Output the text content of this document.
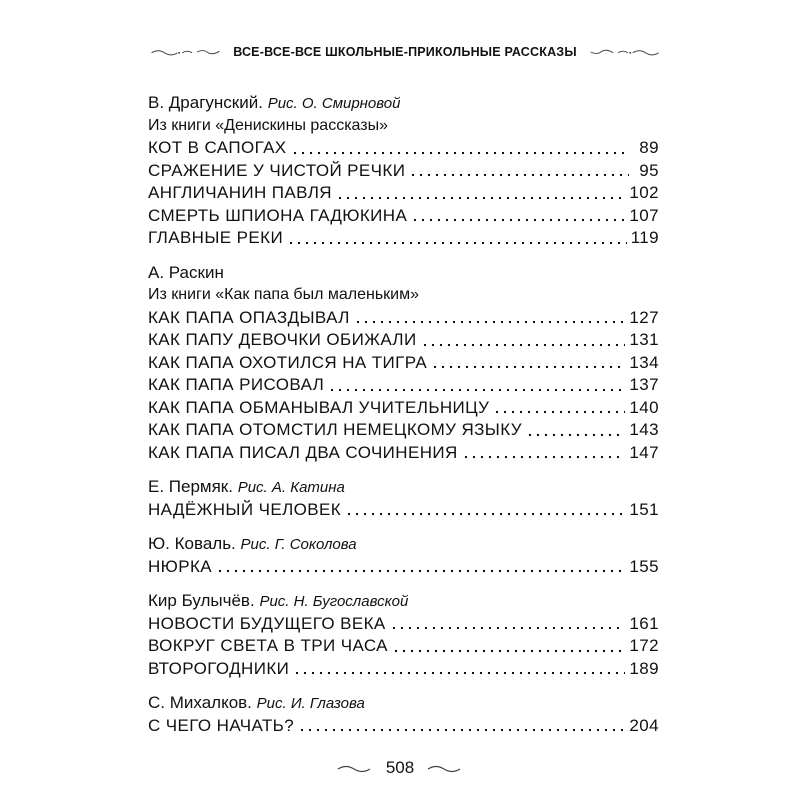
ВСЕ-ВСЕ-ВСЕ ШКОЛЬНЫЕ-ПРИКОЛЬНЫЕ РАССКАЗЫ
В. Драгунский. Рис. О. Смирновой
Из книги «Денискины рассказы»
КОТ В САПОГАХ	89
СРАЖЕНИЕ У ЧИСТОЙ РЕЧКИ	95
АНГЛИЧАНИН ПАВЛЯ	102
СМЕРТЬ ШПИОНА ГАДЮКИНА	107
ГЛАВНЫЕ РЕКИ	119
А. Раскин
Из книги «Как папа был маленьким»
КАК ПАПА ОПАЗДЫВАЛ	127
КАК ПАПУ ДЕВОЧКИ ОБИЖАЛИ	131
КАК ПАПА ОХОТИЛСЯ НА ТИГРА	134
КАК ПАПА РИСОВАЛ	137
КАК ПАПА ОБМАНЫВАЛ УЧИТЕЛЬНИЦУ	140
КАК ПАПА ОТОМСТИЛ НЕМЕЦКОМУ ЯЗЫКУ	143
КАК ПАПА ПИСАЛ ДВА СОЧИНЕНИЯ	147
Е. Пермяк. Рис. А. Катина
НАДЁЖНЫЙ ЧЕЛОВЕК	151
Ю. Коваль. Рис. Г. Соколова
НЮРКА	155
Кир Булычёв. Рис. Н. Бугославской
НОВОСТИ БУДУЩЕГО ВЕКА	161
ВОКРУГ СВЕТА В ТРИ ЧАСА	172
ВТОРОГОДНИКИ	189
С. Михалков. Рис. И. Глазова
С ЧЕГО НАЧАТЬ?	204
508
